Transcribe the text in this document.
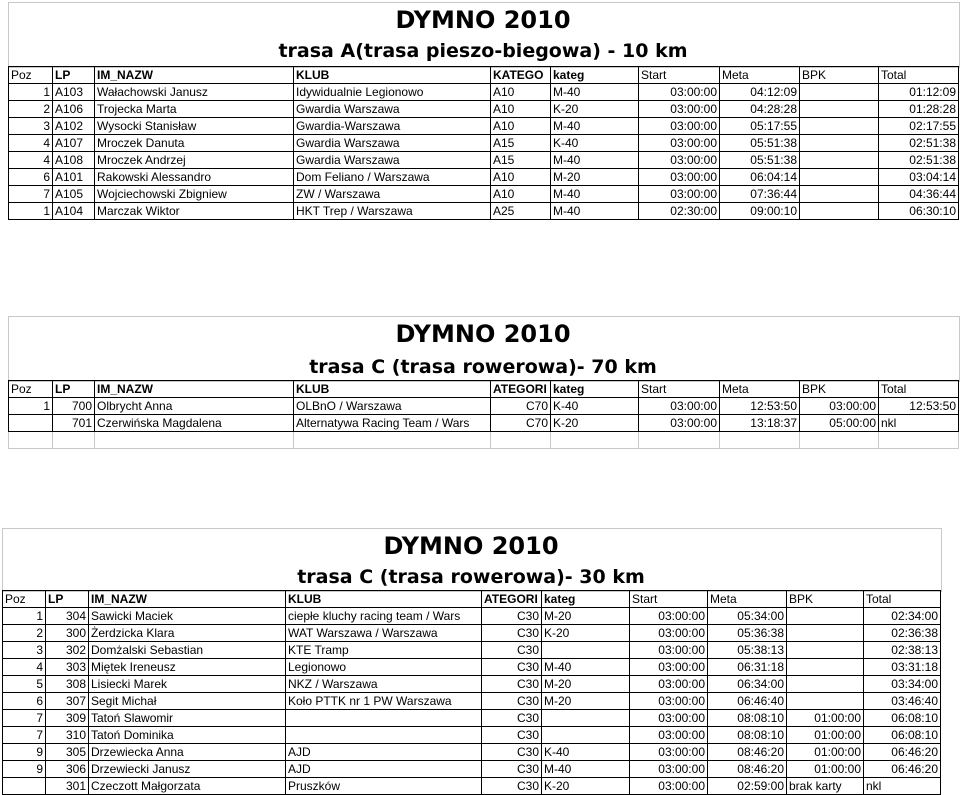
DYMNO 2010
trasa A(trasa pieszo-biegowa) - 10 km
Poz	LP	IM_NAZW	KLUB	KATEGO	kateg	Start	Meta	BPK	Total
1	A103	Wałachowski Janusz	Idywidualnie Legionowo	A10	M-40	03:00:00	04:12:09		01:12:09
2	A106	Trojecka Marta	Gwardia Warszawa	A10	K-20	03:00:00	04:28:28		01:28:28
3	A102	Wysocki Stanisław	Gwardia-Warszawa	A10	M-40	03:00:00	05:17:55		02:17:55
4	A107	Mroczek Danuta	Gwardia Warszawa	A15	K-40	03:00:00	05:51:38		02:51:38
4	A108	Mroczek Andrzej	Gwardia Warszawa	A15	M-40	03:00:00	05:51:38		02:51:38
6	A101	Rakowski Alessandro	Dom Feliano / Warszawa	A10	M-20	03:00:00	06:04:14		03:04:14
7	A105	Wojciechowski Zbigniew	ZW / Warszawa	A10	M-40	03:00:00	07:36:44		04:36:44
1	A104	Marczak Wiktor	HKT Trep / Warszawa	A25	M-40	02:30:00	09:00:10		06:30:10
DYMNO 2010
trasa C (trasa rowerowa)- 70 km
Poz	LP	IM_NAZW	KLUB	ATEGORI	kateg	Start	Meta	BPK	Total
1	700	Olbrycht Anna	OLBnO / Warszawa	C70	K-40	03:00:00	12:53:50	03:00:00	12:53:50
	701	Czerwińska Magdalena	Alternatywa Racing Team / Wars	C70	K-20	03:00:00	13:18:37	05:00:00	nkl

DYMNO 2010
trasa C (trasa rowerowa)- 30 km
Poz	LP	IM_NAZW	KLUB	ATEGORI	kateg	Start	Meta	BPK	Total
1	304	Sawicki Maciek	ciepłe kluchy racing team / Wars	C30	M-20	03:00:00	05:34:00		02:34:00
2	300	Żerdzicka Klara	WAT Warszawa / Warszawa	C30	K-20	03:00:00	05:36:38		02:36:38
3	302	Domżalski Sebastian	KTE Tramp	C30		03:00:00	05:38:13		02:38:13
4	303	Miętek Ireneusz	Legionowo	C30	M-40	03:00:00	06:31:18		03:31:18
5	308	Lisiecki Marek	NKZ / Warszawa	C30	M-20	03:00:00	06:34:00		03:34:00
6	307	Segit Michał	Koło PTTK nr 1 PW Warszawa	C30	M-20	03:00:00	06:46:40		03:46:40
7	309	Tatoń Slawomir		C30		03:00:00	08:08:10	01:00:00	06:08:10
7	310	Tatoń Dominika		C30		03:00:00	08:08:10	01:00:00	06:08:10
9	305	Drzewiecka Anna	AJD	C30	K-40	03:00:00	08:46:20	01:00:00	06:46:20
9	306	Drzewiecki Janusz	AJD	C30	M-40	03:00:00	08:46:20	01:00:00	06:46:20
	301	Czeczott Małgorzata	Pruszków	C30	K-20	03:00:00	02:59:00	brak karty	nkl
